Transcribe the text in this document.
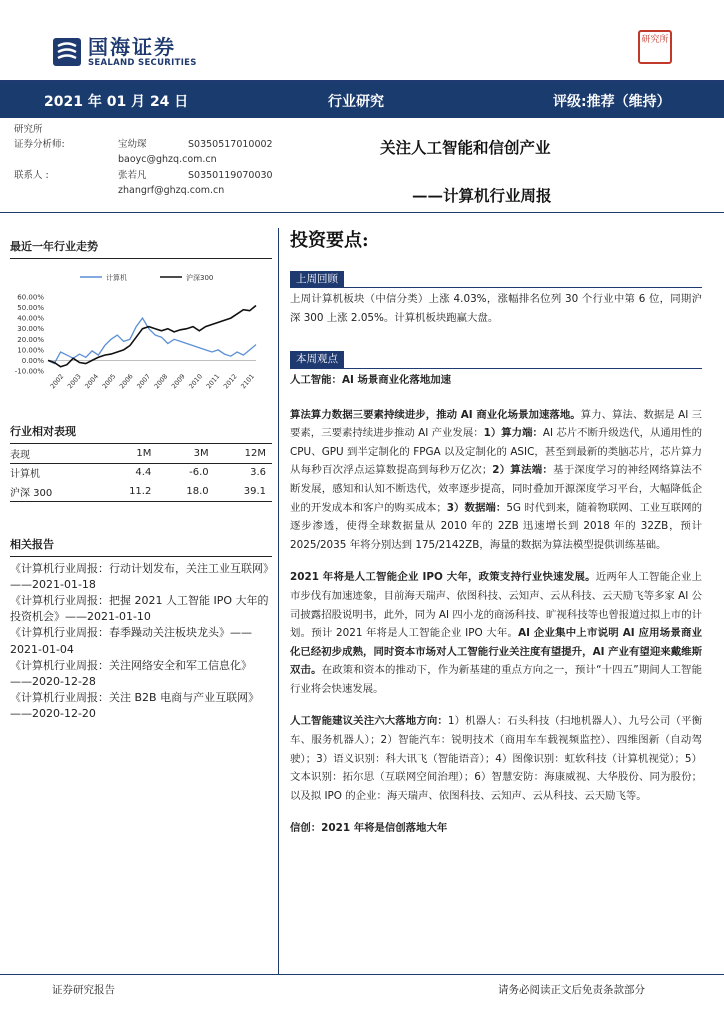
国海证券
SEALAND SECURITIES
研究所
2021 年 01 月 24 日	行业研究	评级:推荐（维持）
研究所
证券分析师:	宝幼琛	S0350517010002
baoyc@ghzq.com.cn
联系人 :	张若凡	S0350119070030
zhangrf@ghzq.com.cn
关注人工智能和信创产业
——计算机行业周报
最近一年行业走势
计算机	沪深300
60.00%
50.00%
40.00%
30.00%
20.00%
10.00%
0.00%
-10.00%
2002 2003 2004 2005 2006 2007 2008 2009 2010 2011 2012 2101
行业相对表现
表现	1M	3M	12M
计算机	4.4	-6.0	3.6
沪深 300	11.2	18.0	39.1
相关报告

《计算机行业周报：行动计划发布，关注工业互联网》——2021-01-18

《计算机行业周报：把握 2021 人工智能 IPO 大年的投资机会》——2021-01-10

《计算机行业周报：春季躁动关注板块龙头》——2021-01-04

《计算机行业周报：关注网络安全和军工信息化》——2020-12-28

《计算机行业周报：关注 B2B 电商与产业互联网》——2020-12-20

投资要点:
上周回顾
上周计算机板块（中信分类）上涨 4.03%，涨幅排名位列 30 个行业中第 6 位，同期沪深 300 上涨 2.05%。计算机板块跑赢大盘。
本周观点
人工智能：AI 场景商业化落地加速
算法算力数据三要素持续进步，推动 AI 商业化场景加速落地。算力、算法、数据是 AI 三要素，三要素持续进步推动 AI 产业发展：1）算力端：AI 芯片不断升级迭代，从通用性的 CPU、GPU 到半定制化的 FPGA 以及定制化的 ASIC，甚至到最新的类脑芯片，芯片算力从每秒百次浮点运算数提高到每秒万亿次；2）算法端：基于深度学习的神经网络算法不断发展，感知和认知不断迭代，效率逐步提高，同时叠加开源深度学习平台，大幅降低企业的开发成本和客户的购买成本；3）数据端：5G 时代到来，随着物联网、工业互联网的逐步渗透，使得全球数据量从 2010 年的 2ZB 迅速增长到 2018 年的 32ZB，预计 2025/2035 年将分别达到 175/2142ZB，海量的数据为算法模型提供训练基础。
2021 年将是人工智能企业 IPO 大年，政策支持行业快速发展。近两年人工智能企业上市步伐有加速迹象，目前海天瑞声、依图科技、云知声、云从科技、云天励飞等多家 AI 公司披露招股说明书，此外，同为 AI 四小龙的商汤科技、旷视科技等也曾报道过拟上市的计划。预计 2021 年将是人工智能企业 IPO 大年。AI 企业集中上市说明 AI 应用场景商业化已经初步成熟，同时资本市场对人工智能行业关注度有望提升，AI 产业有望迎来戴维斯双击。在政策和资本的推动下，作为新基建的重点方向之一，预计“十四五”期间人工智能行业将会快速发展。
人工智能建议关注六大落地方向：1）机器人：石头科技（扫地机器人）、九号公司（平衡车、服务机器人）；2）智能汽车：锐明技术（商用车车载视频监控）、四维图新（自动驾驶）；3）语义识别：科大讯飞（智能语音）；4）图像识别：虹软科技（计算机视觉）；5）文本识别：拓尔思（互联网空间治理）；6）智慧安防：海康威视、大华股份、同为股份；以及拟 IPO 的企业：海天瑞声、依图科技、云知声、云从科技、云天励飞等。
信创：2021 年将是信创落地大年
证券研究报告	请务必阅读正文后免责条款部分
